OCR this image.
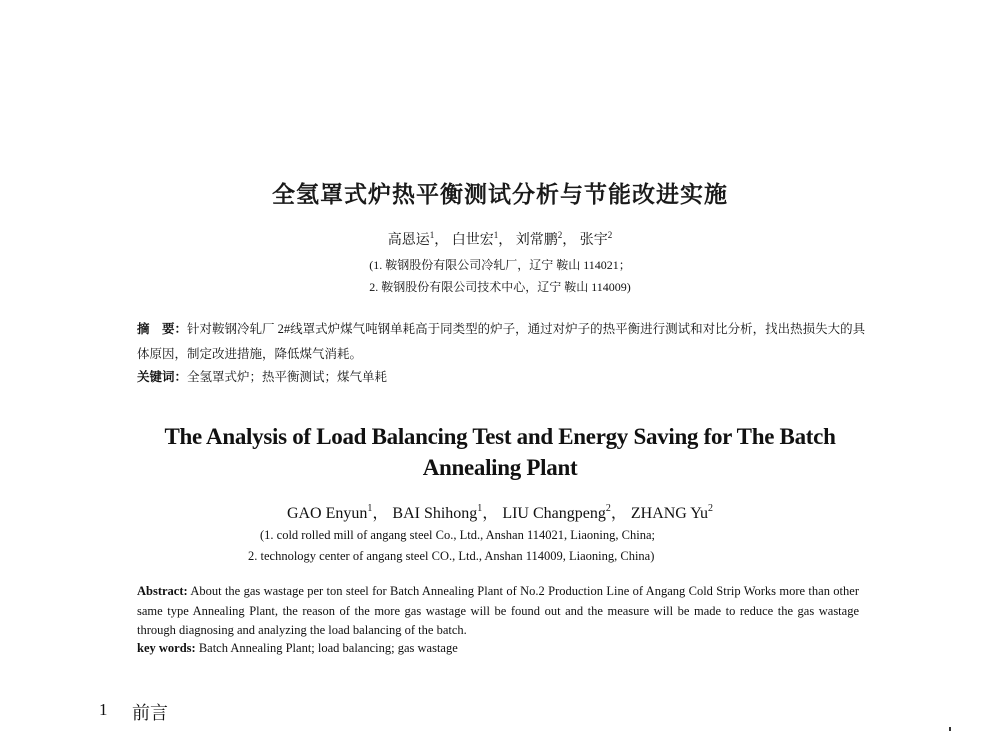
全氢罩式炉热平衡测试分析与节能改进实施
高恩运$^1$， 白世宏$^1$， 刘常鹏$^2$， 张宇$^2$
(1. 鞍钢股份有限公司冷轧厂，辽宁 鞍山 114021；
2. 鞍钢股份有限公司技术中心，辽宁 鞍山 114009)
摘　要：针对鞍钢冷轧厂 2#线罩式炉煤气吨钢单耗高于同类型的炉子，通过对炉子的热平衡进行测试和对比分析，找出热损失大的具体原因，制定改进措施，降低煤气消耗。
关键词：全氢罩式炉；热平衡测试；煤气单耗
The Analysis of Load Balancing Test and Energy Saving for The Batch Annealing Plant
GAO Enyun$^1$， BAI Shihong$^1$， LIU Changpeng$^2$， ZHANG Yu$^2$
(1. cold rolled mill of angang steel Co., Ltd., Anshan 114021, Liaoning, China;
2. technology center of angang steel CO., Ltd., Anshan 114009, Liaoning, China)
Abstract: About the gas wastage per ton steel for Batch Annealing Plant of No.2 Production Line of Angang Cold Strip Works more than other same type Annealing Plant, the reason of the more gas wastage will be found out and the measure will be made to reduce the gas wastage through diagnosing and analyzing the load balancing of the batch.
key words: Batch Annealing Plant; load balancing; gas wastage
1 前言
